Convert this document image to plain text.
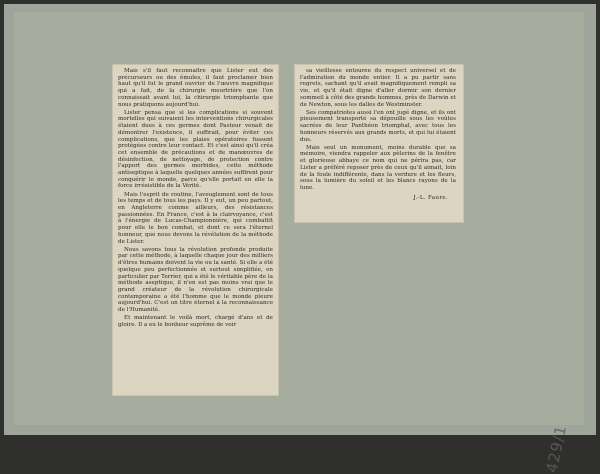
Mais s'il faut reconnaître que Lister eut des précurseurs ou des émules, il faut proclamer bien haut qu'il fut le grand ouvrier de l'œuvre magnifique qui a fait, de la chirurgie meurtrière que l'on connaissait avant lui, la chirurgie triomphante que nous pratiquons aujourd'hui.

Lister pensa que si les complications si souvent mortelles qui suivaient les interventions chirurgicales étaient dues à ces germes dont Pasteur venait de démontrer l'existence, il suffirait, pour éviter ces complications, que les plaies opératoires fussent protégées contre leur contact. Et c'est ainsi qu'il créa cet ensemble de précautions et de manœuvres de désinfection, de nettoyage, de protection contre l'apport des germes morbides, cette méthode antiseptique à laquelle quelques années suffirent pour conquérir le monde, parce qu'elle portait en elle la force irrésistible de la Vérité.

Mais l'esprit de routine, l'aveuglement sont de tous les temps et de tous les pays. Il y eut, un peu partout, en Angleterre comme ailleurs, des résistances passionnées. En France, c'est à la clairvoyance, c'est à l'énergie de Lucas-Championnière, qui combattit pour elle le bon combat, et dont ce sera l'éternel honneur, que nous devons la révélation de la méthode de Lister.

Nous savons tous la révolution profonde produite par cette méthode, à laquelle chaque jour des milliers d'êtres humains doivent la vie ou la santé. Si elle a été quelque peu perfectionnée et surtout simplifiée, en particulier par Terrier, qui a été le véritable père de la méthode aseptique, il n'en est pas moins vrai que le grand créateur de la révolution chirurgicale contemporaine a été l'homme que le monde pleure aujourd'hui. C'est un titre éternel à la reconnaissance de l'Humanité.

Et maintenant le voilà mort, chargé d'ans et de gloire. Il a eu le bonheur suprême de voir

sa vieillesse entourée du respect universel et de l'admiration du monde entier. Il a pu partir sans regrets, sachant qu'il avait magnifiquement rempli sa vie, et qu'il était digne d'aller dormir son dernier sommeil à côté des grands hommes, près de Darwin et de Newton, sous les dalles de Westminster.

Ses compatriotes aussi l'en ont jugé digne, et ils ont pieusement transporté sa dépouille sous les voûtes sacrées de leur Panthéon triomphal, avec tous les honneurs réservés aux grands morts, et qui lui étaient dus.

Mais seul un monument, moins durable que sa mémoire, viendra rappeler aux pèlerins de la fenêtre et glorieuse abbaye ce nom qui ne périra pas, car Lister a préféré reposer près de ceux qu'il aimait, loin de la foule indifférente, dans la verdure et les fleurs, sous la lumière du soleil et les blancs rayons de la lune.

J.-L. Faure.
429/1
